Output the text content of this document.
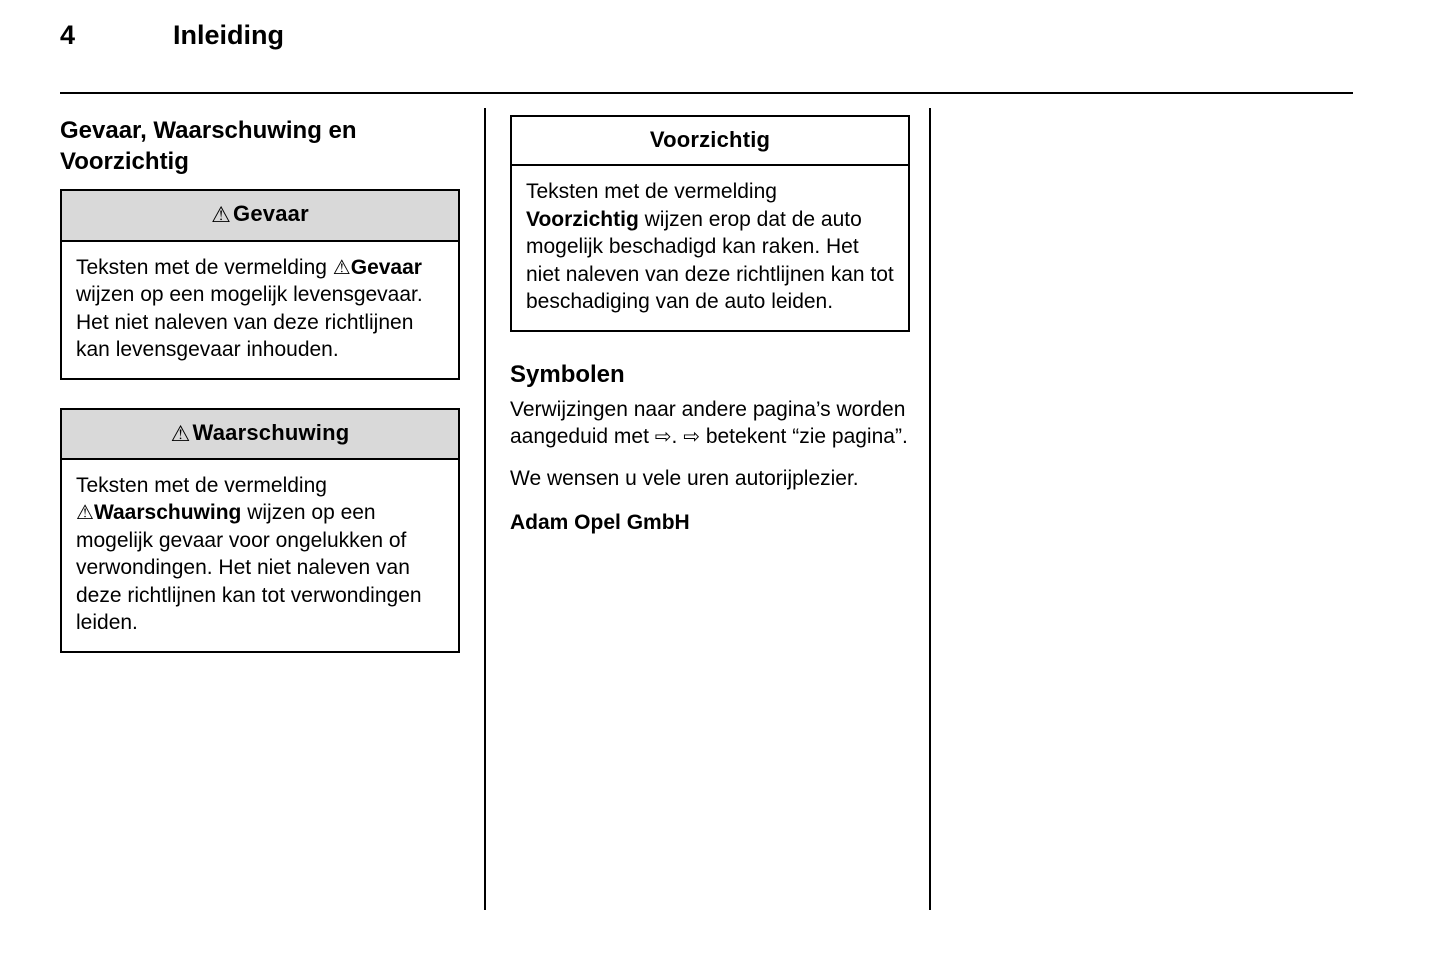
4	Inleiding
Gevaar, Waarschuwing en Voorzichtig
⚠Gevaar
Teksten met de vermelding ⚠Gevaar wijzen op een mogelijk levensgevaar. Het niet naleven van deze richtlijnen kan levensgevaar inhouden.
⚠Waarschuwing
Teksten met de vermelding ⚠Waarschuwing wijzen op een mogelijk gevaar voor ongelukken of verwondingen. Het niet naleven van deze richtlijnen kan tot verwondingen leiden.
Voorzichtig
Teksten met de vermelding Voorzichtig wijzen erop dat de auto mogelijk beschadigd kan raken. Het niet naleven van deze richtlijnen kan tot beschadiging van de auto leiden.
Symbolen

Verwijzingen naar andere pagina’s worden aangeduid met ⇨. ⇨ betekent “zie pagina”.

We wensen u vele uren autorijplezier.

Adam Opel GmbH
